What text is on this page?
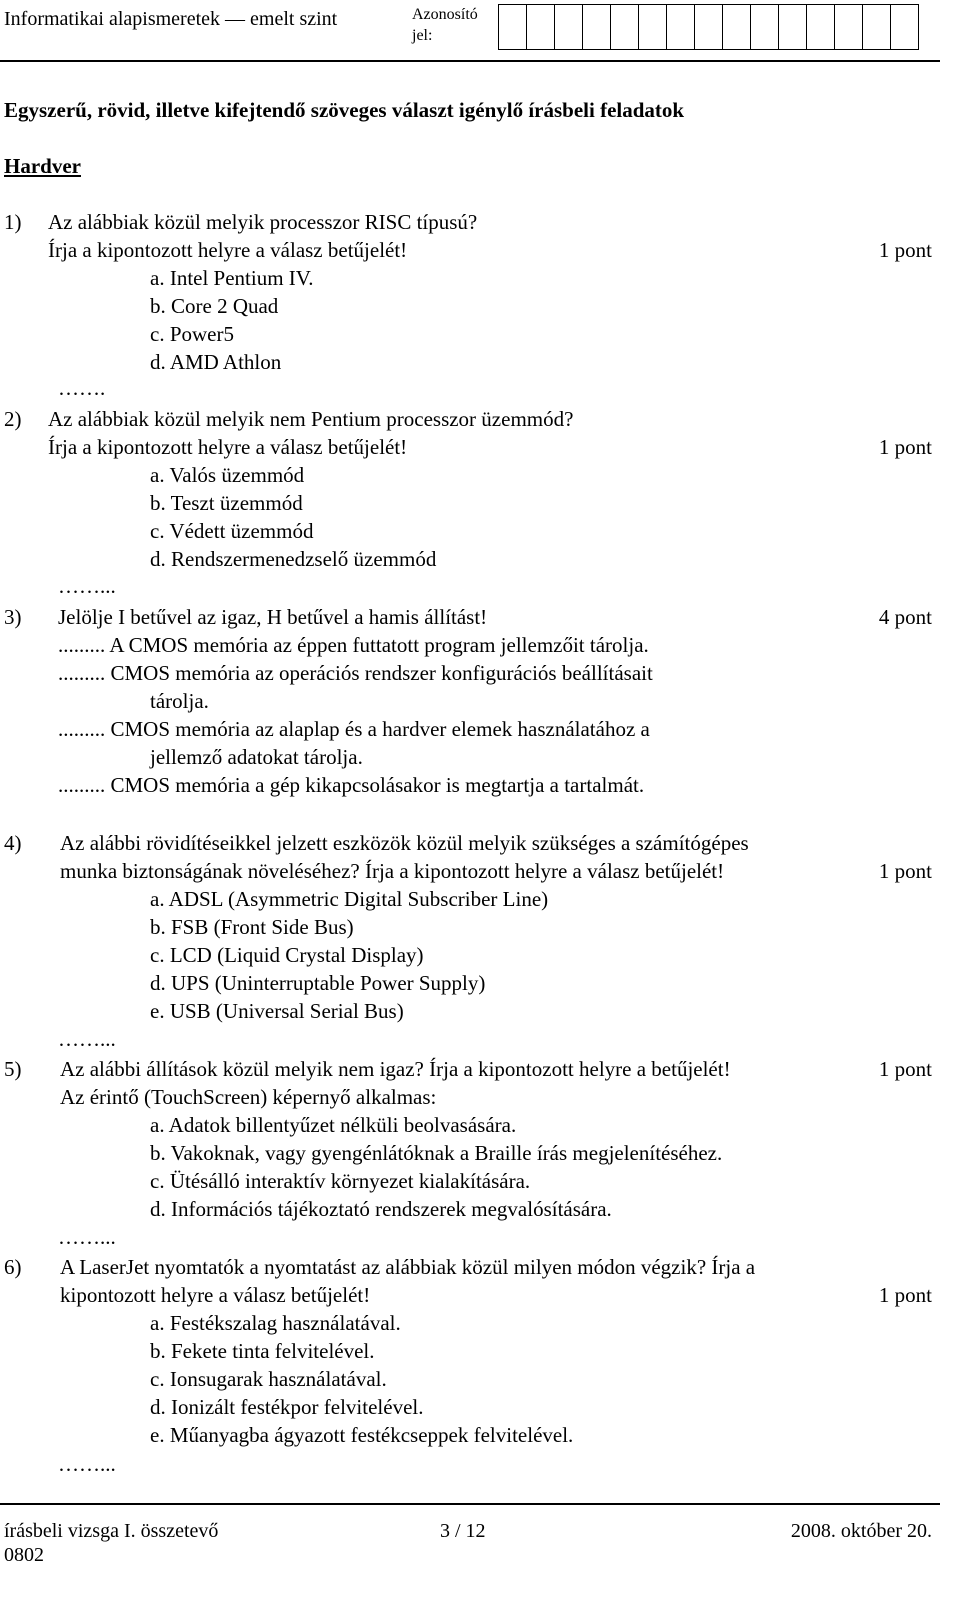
Informatikai alapismeretek — emelt szint	Azonosító
jel:
Egyszerű, rövid, illetve kifejtendő szöveges választ igénylő írásbeli feladatok
Hardver
1) Az alábbiak közül melyik processzor RISC típusú?
Írja a kipontozott helyre a válasz betűjelét!	1 pont
a. Intel Pentium IV.
b. Core 2 Quad
c. Power5
d. AMD Athlon
…….
2) Az alábbiak közül melyik nem Pentium processzor üzemmód?
Írja a kipontozott helyre a válasz betűjelét!	1 pont
a. Valós üzemmód
b. Teszt üzemmód
c. Védett üzemmód
d. Rendszermenedzselő üzemmód
……...
3) Jelölje I betűvel az igaz, H betűvel a hamis állítást!	4 pont
......... A CMOS memória az éppen futtatott program jellemzőit tárolja.
......... CMOS memória az operációs rendszer konfigurációs beállításait
tárolja.
......... CMOS memória az alaplap és a hardver elemek használatához a
jellemző adatokat tárolja.
......... CMOS memória a gép kikapcsolásakor is megtartja a tartalmát.
4) Az alábbi rövidítéseikkel jelzett eszközök közül melyik szükséges a számítógépes
munka biztonságának növeléséhez? Írja a kipontozott helyre a válasz betűjelét!	1 pont
a. ADSL (Asymmetric Digital Subscriber Line)
b. FSB (Front Side Bus)
c. LCD (Liquid Crystal Display)
d. UPS (Uninterruptable Power Supply)
e. USB (Universal Serial Bus)
……...
5) Az alábbi állítások közül melyik nem igaz? Írja a kipontozott helyre a betűjelét!	1 pont
Az érintő (TouchScreen) képernyő alkalmas:
a. Adatok billentyűzet nélküli beolvasására.
b. Vakoknak, vagy gyengénlátóknak a Braille írás megjelenítéséhez.
c. Ütésálló interaktív környezet kialakítására.
d. Információs tájékoztató rendszerek megvalósítására.
……...
6) A LaserJet nyomtatók a nyomtatást az alábbiak közül milyen módon végzik? Írja a
kipontozott helyre a válasz betűjelét!	1 pont
a. Festékszalag használatával.
b. Fekete tinta felvitelével.
c. Ionsugarak használatával.
d. Ionizált festékpor felvitelével.
e. Műanyagba ágyazott festékcseppek felvitelével.
……...
írásbeli vizsga I. összetevő
0802
3 / 12	2008. október 20.
